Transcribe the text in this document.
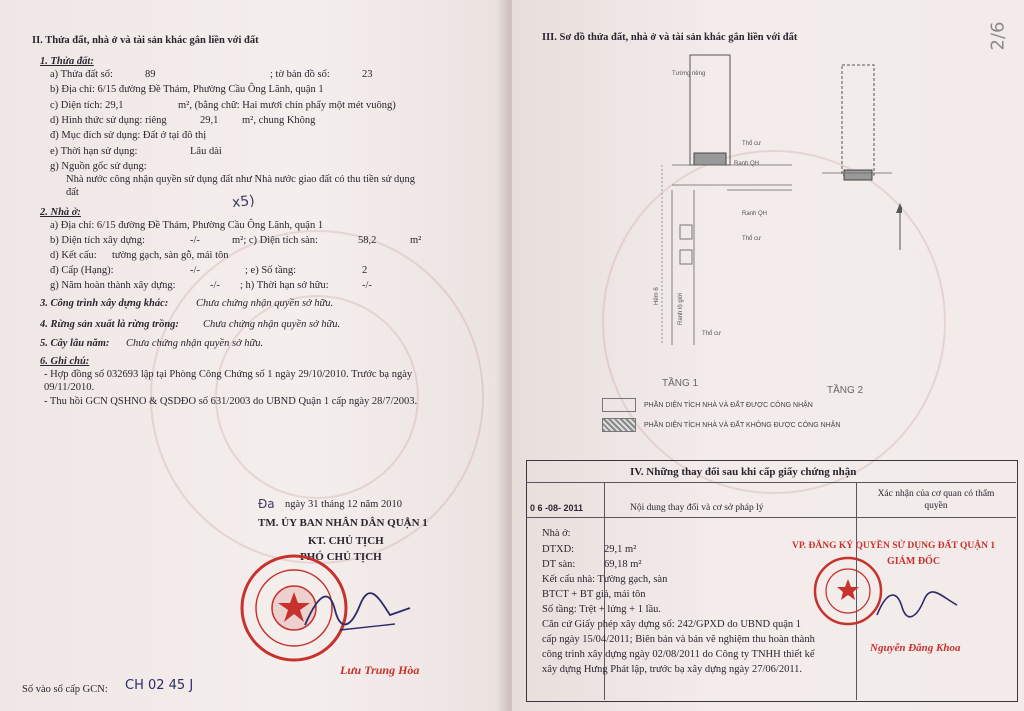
II. Thửa đất, nhà ở và tài sản khác gắn liền với đất
1. Thửa đất:
a) Thửa đất số:	89	; tờ bản đồ số:	23
b) Địa chỉ: 6/15 đường Đề Thám, Phường Cầu Ông Lãnh, quận 1
c) Diện tích: 29,1	m², (bằng chữ: Hai mươi chín phẩy một mét vuông)
d) Hình thức sử dụng: riêng	29,1 m², chung Không
đ) Mục đích sử dụng: Đất ở tại đô thị
e) Thời hạn sử dụng:	Lâu dài
g) Nguồn gốc sử dụng:
Nhà nước công nhận quyền sử dụng đất như Nhà nước giao đất có thu tiền sử dụng
đất
x5)
2. Nhà ở:
a) Địa chỉ: 6/15 đường Đề Thám, Phường Cầu Ông Lãnh, quận 1
b) Diện tích xây dựng:	-/-	m²; c) Diện tích sàn:	58,2	m²
d) Kết cấu: tường gạch, sàn gỗ, mái tôn
đ) Cấp (Hạng):	-/-	; e) Số tầng:	2
g) Năm hoàn thành xây dựng:	-/- ; h) Thời hạn sở hữu:	-/-
3. Công trình xây dựng khác:	Chưa chứng nhận quyền sở hữu.
4. Rừng sản xuất là rừng trồng: Chưa chứng nhận quyền sở hữu.
5. Cây lâu năm: Chưa chứng nhận quyền sở hữu.
6. Ghi chú:
- Hợp đồng số 032693 lập tại Phòng Công Chứng số 1 ngày 29/10/2010. Trước bạ ngày
09/11/2010.
- Thu hồi GCN QSHNO & QSDĐO số 631/2003 do UBND Quận 1 cấp ngày 28/7/2003.
Đa ngày 31 tháng 12 năm 2010
TM. ỦY BAN NHÂN DÂN QUẬN 1
KT. CHỦ TỊCH
PHÓ CHỦ TỊCH
Lưu Trung Hòa
Số vào sổ cấp GCN: CH 02 45 J
III. Sơ đồ thửa đất, nhà ở và tài sản khác gắn liền với đất	2/6
Ranh QH
Thổ cư
Hẻm 6	Ranh lộ giới
Ranh QH
Thổ cư
Thổ cư
Tường riêng
TẦNG 1
TẦNG 2
PHẦN DIỆN TÍCH NHÀ VÀ ĐẤT ĐƯỢC CÔNG NHẬN
PHẦN DIỆN TÍCH NHÀ VÀ ĐẤT KHÔNG ĐƯỢC CÔNG NHẬN
IV. Những thay đổi sau khi cấp giấy chứng nhận
0 6 -08- 2011	Nội dung thay đổi và cơ sở pháp lý
Xác nhận của cơ quan có thẩm quyền
Nhà ở:
DTXD:	29,1 m²
DT sàn:	69,18 m²
Kết cấu nhà: Tường gạch, sàn
BTCT + BT giả, mái tôn
Số tầng: Trệt + lửng + 1 lầu.
Căn cứ Giấy phép xây dựng số: 242/GPXD do UBND quận 1
cấp ngày 15/04/2011; Biên bản và bản vẽ nghiệm thu hoàn thành
công trình xây dựng ngày 02/08/2011 do Công ty TNHH thiết kế
xây dựng Hưng Phát lập, trước bạ xây dựng ngày 27/06/2011.
VP. ĐĂNG KÝ QUYỀN SỬ DỤNG ĐẤT QUẬN 1
GIÁM ĐỐC
Nguyễn Đăng Khoa
